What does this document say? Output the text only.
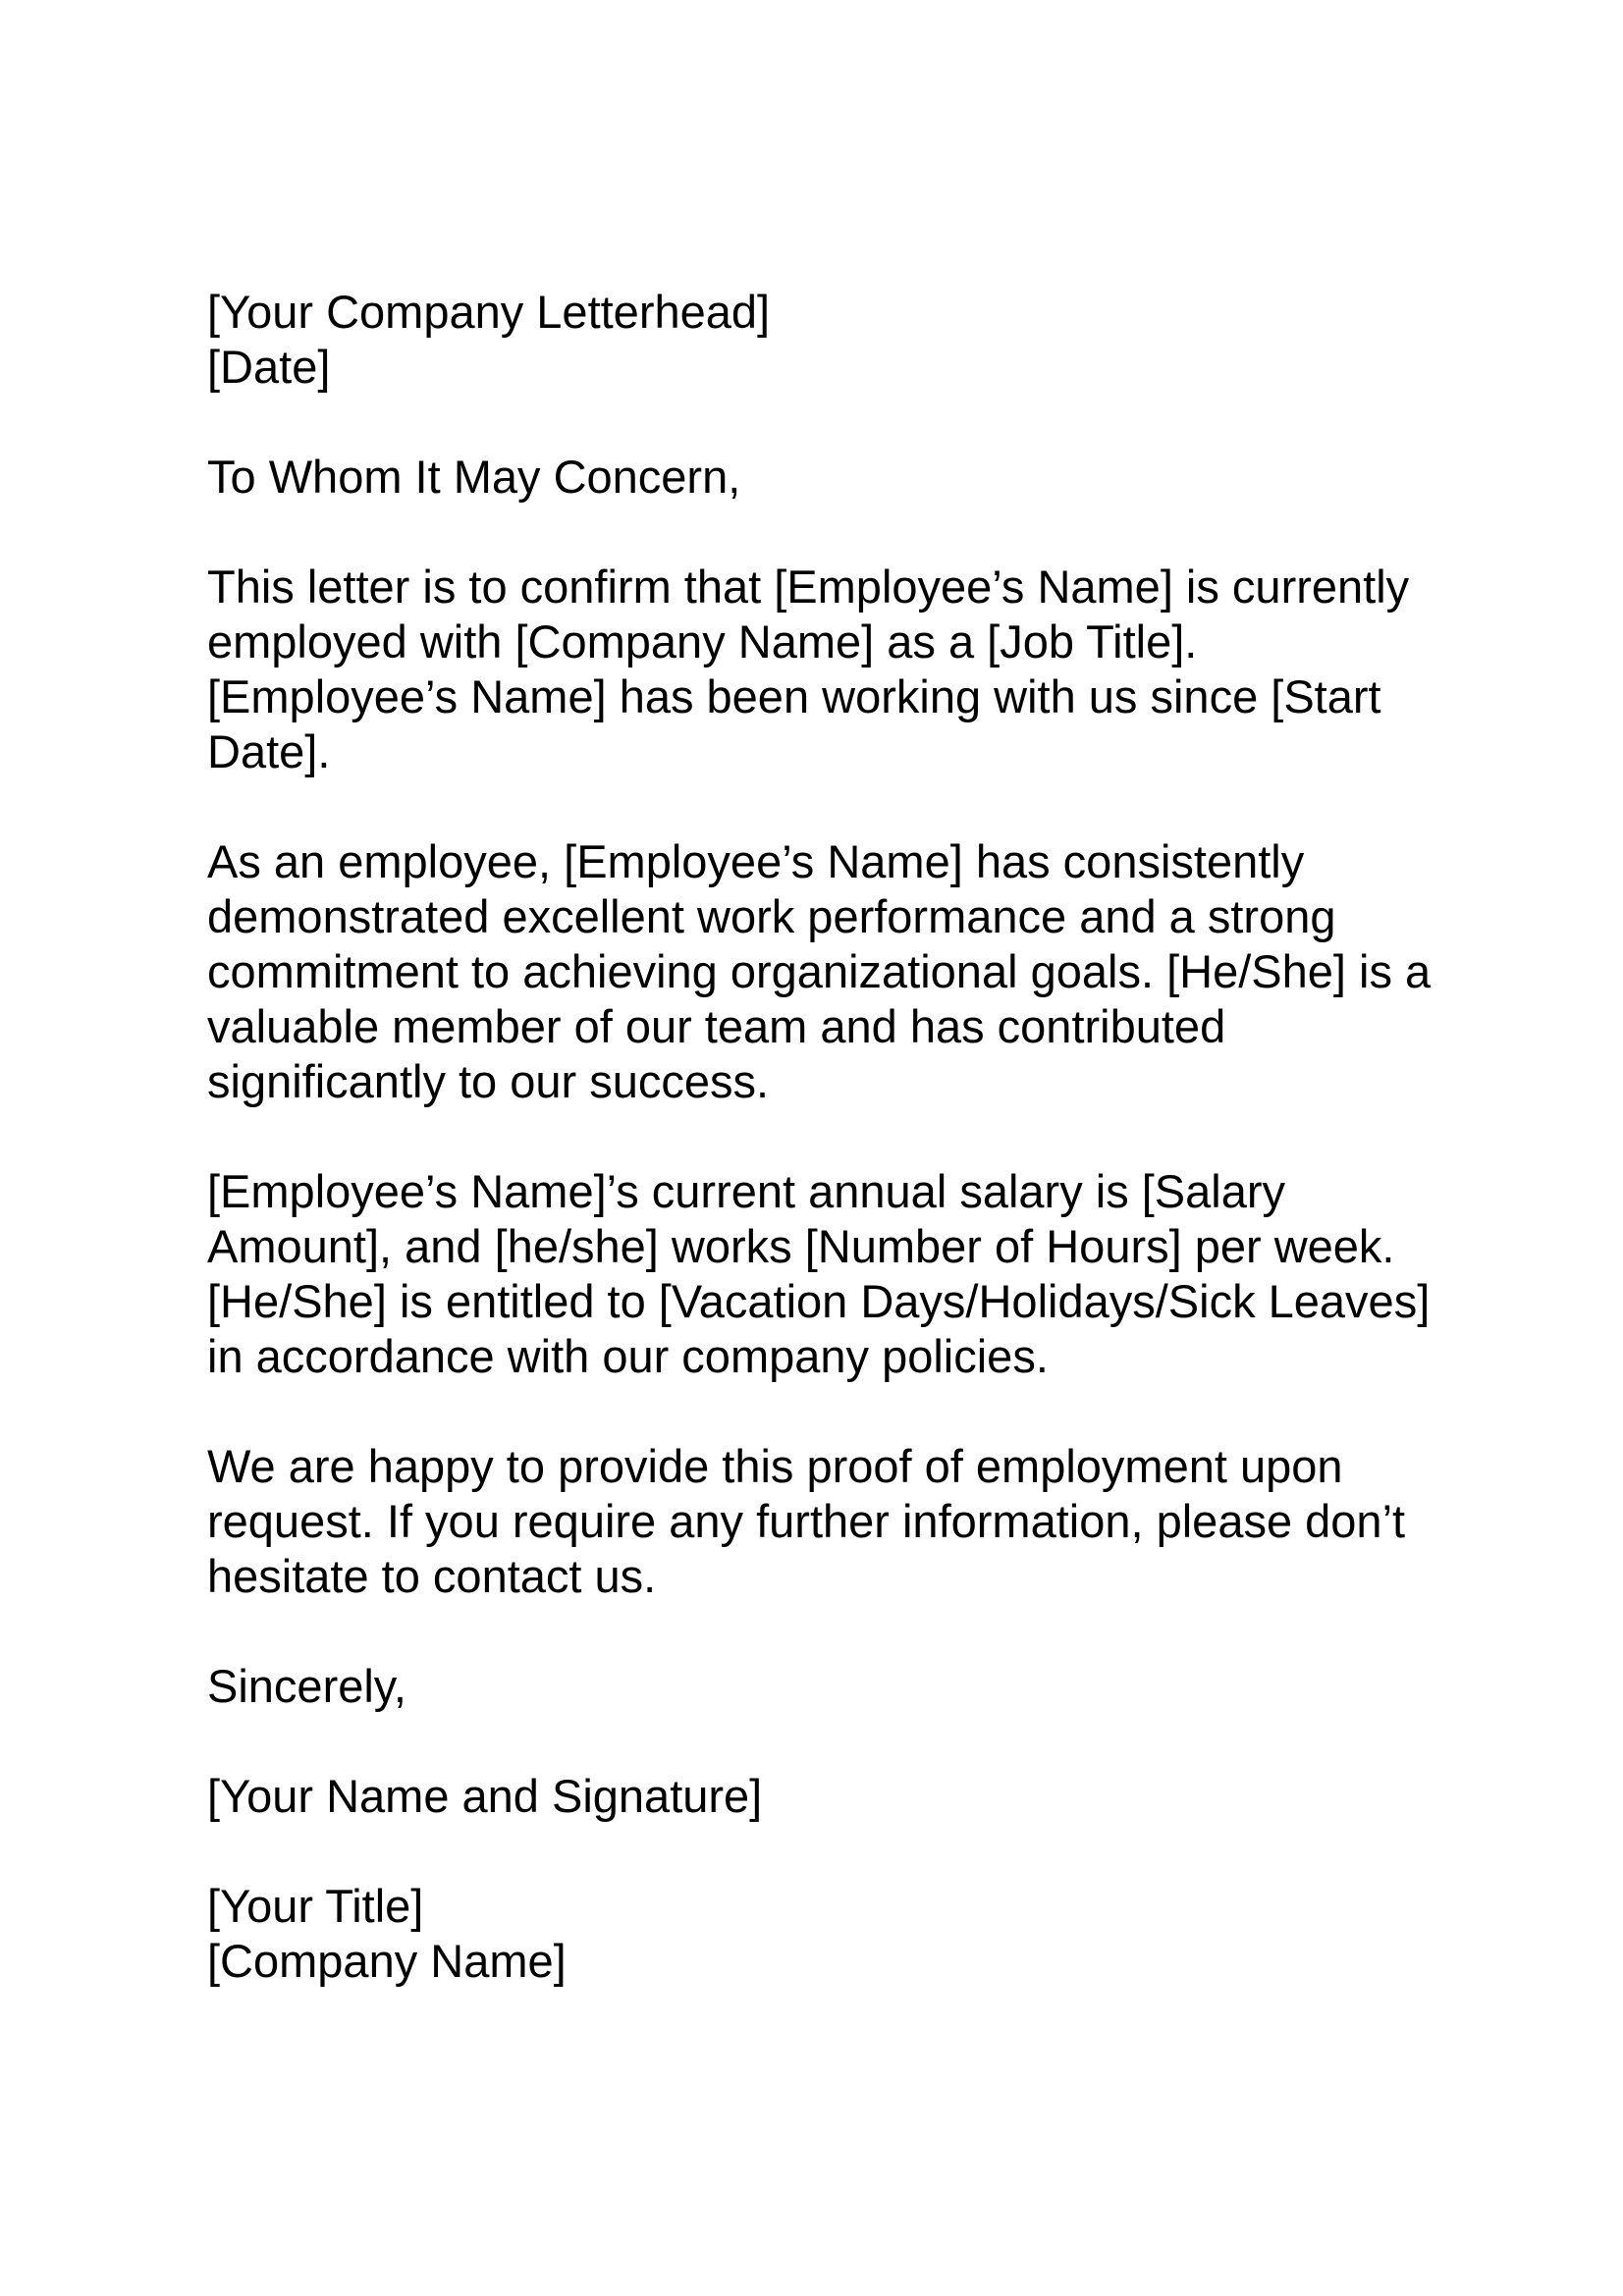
[Your Company Letterhead]
[Date]
To Whom It May Concern,
This letter is to confirm that [Employee’s Name] is currently
employed with [Company Name] as a [Job Title].
[Employee’s Name] has been working with us since [Start
Date].
As an employee, [Employee’s Name] has consistently
demonstrated excellent work performance and a strong
commitment to achieving organizational goals. [He/She] is a
valuable member of our team and has contributed
significantly to our success.
[Employee’s Name]’s current annual salary is [Salary
Amount], and [he/she] works [Number of Hours] per week.
[He/She] is entitled to [Vacation Days/Holidays/Sick Leaves]
in accordance with our company policies.
We are happy to provide this proof of employment upon
request. If you require any further information, please don’t
hesitate to contact us.
Sincerely,
[Your Name and Signature]
[Your Title]
[Company Name]
